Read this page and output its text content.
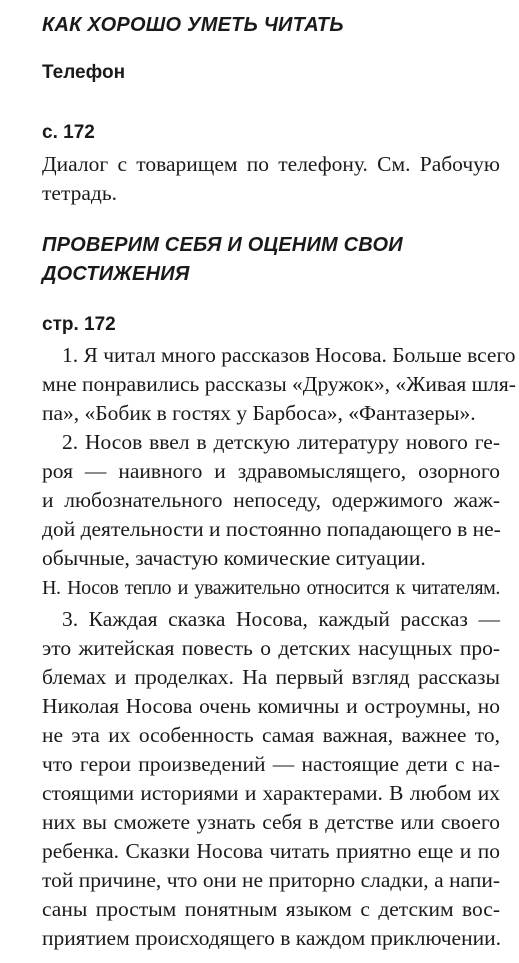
КАК ХОРОШО УМЕТЬ ЧИТАТЬ
Телефон
с. 172

Диалог с товарищем по телефону. См. Рабочую

тетрадь.

ПРОВЕРИМ СЕБЯ И ОЦЕНИМ СВОИ
ДОСТИЖЕНИЯ
стр. 172

1. Я читал много рассказов Носова. Больше всего

мне понравились рассказы «Дружок», «Живая шля-

па», «Бобик в гостях у Барбоса», «Фантазеры».

2. Носов ввел в детскую литературу нового ге-

роя — наивного и здравомыслящего, озорного

и любознательного непоседу, одержимого жаж-

дой деятельности и постоянно попадающего в не-

обычные, зачастую комические ситуации.

Н. Носов тепло и уважительно относится к читателям.

3. Каждая сказка Носова, каждый рассказ —

это житейская повесть о детских насущных про-

блемах и проделках. На первый взгляд рассказы

Николая Носова очень комичны и остроумны, но

не эта их особенность самая важная, важнее то,

что герои произведений — настоящие дети с на-

стоящими историями и характерами. В любом их

них вы сможете узнать себя в детстве или своего

ребенка. Сказки Носова читать приятно еще и по

той причине, что они не приторно сладки, а напи-

саны простым понятным языком с детским вос-

приятием происходящего в каждом приключении.
